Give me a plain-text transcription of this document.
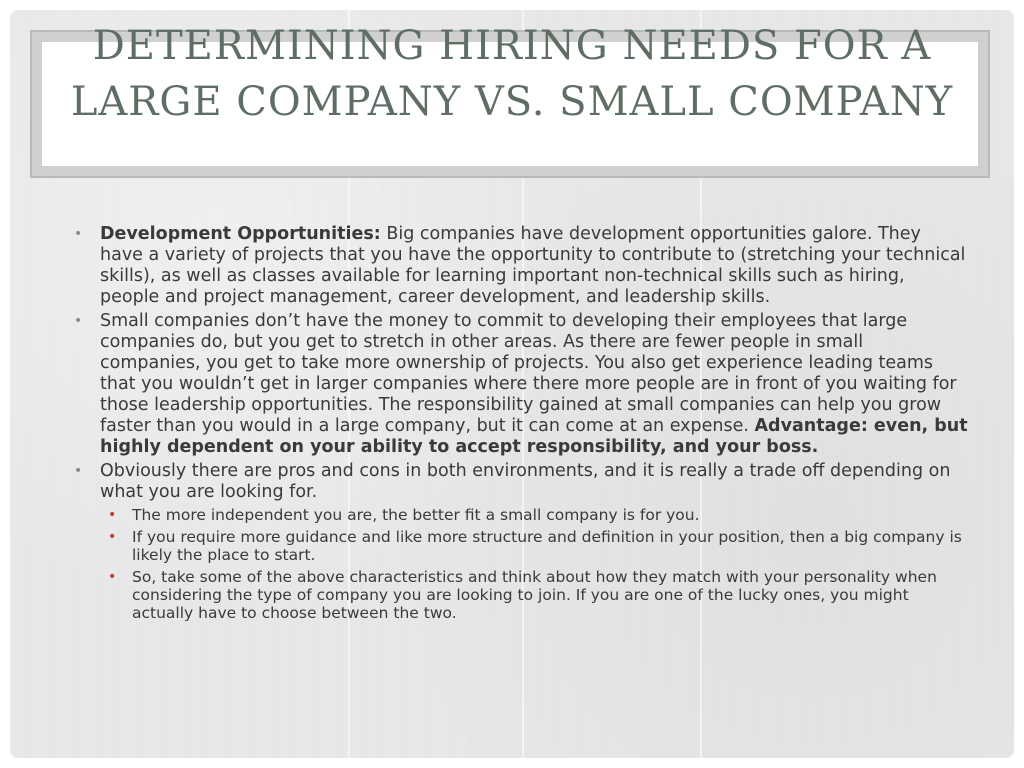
DETERMINING HIRING NEEDS FOR A LARGE COMPANY VS. SMALL COMPANY
• Development Opportunities: Big companies have development opportunities galore. They have a variety of projects that you have the opportunity to contribute to (stretching your technical skills), as well as classes available for learning important non-technical skills such as hiring, people and project management, career development, and leadership skills.
• Small companies don’t have the money to commit to developing their employees that large companies do, but you get to stretch in other areas. As there are fewer people in small companies, you get to take more ownership of projects. You also get experience leading teams that you wouldn’t get in larger companies where there more people are in front of you waiting for those leadership opportunities. The responsibility gained at small companies can help you grow faster than you would in a large company, but it can come at an expense. Advantage: even, but highly dependent on your ability to accept responsibility, and your boss.
• Obviously there are pros and cons in both environments, and it is really a trade off depending on what you are looking for.
• The more independent you are, the better fit a small company is for you.
• If you require more guidance and like more structure and definition in your position, then a big company is likely the place to start.
• So, take some of the above characteristics and think about how they match with your personality when considering the type of company you are looking to join. If you are one of the lucky ones, you might actually have to choose between the two.
